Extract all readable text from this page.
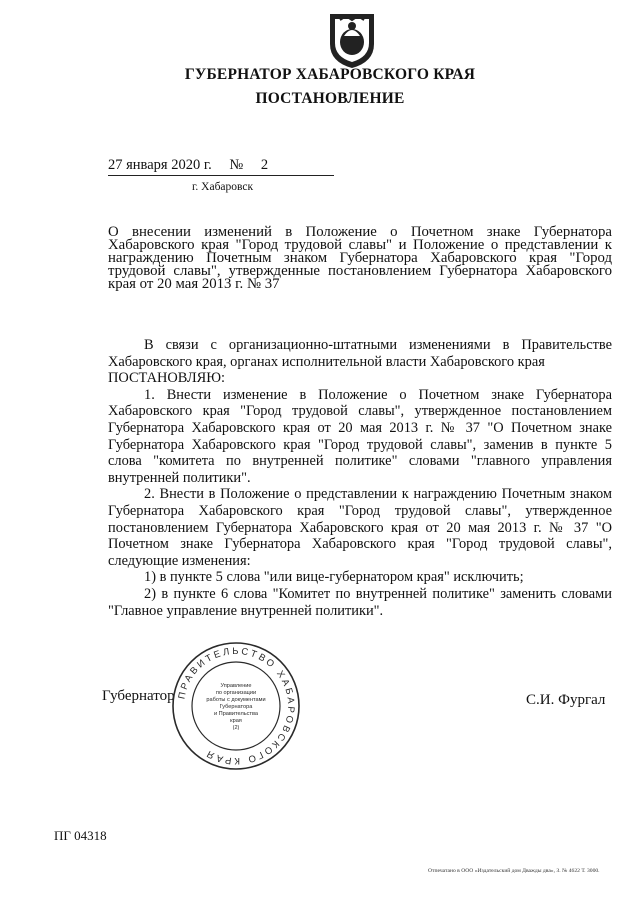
ГУБЕРНАТОР ХАБАРОВСКОГО КРАЯ
ПОСТАНОВЛЕНИЕ
27 января 2020 г. № 2
г. Хабаровск
О внесении изменений в Положение о Почетном знаке Губернатора Хабаровского края "Город трудовой славы" и Положение о представлении к награждению Почетным знаком Губернатора Хабаровского края "Город трудовой славы", утвержденные постановлением Губернатора Хабаровского края от 20 мая 2013 г. № 37

В связи с организационно-штатными изменениями в Правительстве Хабаровского края, органах исполнительной власти Хабаровского края

ПОСТАНОВЛЯЮ:

1. Внести изменение в Положение о Почетном знаке Губернатора Хабаровского края "Город трудовой славы", утвержденное постановлением Губернатора Хабаровского края от 20 мая 2013 г. № 37 "О Почетном знаке Губернатора Хабаровского края "Город трудовой славы", заменив в пункте 5 слова "комитета по внутренней политике" словами "главного управления внутренней политики".

2. Внести в Положение о представлении к награждению Почетным знаком Губернатора Хабаровского края "Город трудовой славы", утвержденное постановлением Губернатора Хабаровского края от 20 мая 2013 г. № 37 "О Почетном знаке Губернатора Хабаровского края "Город трудовой славы", следующие изменения:

1) в пункте 5 слова "или вице-губернатором края" исключить;

2) в пункте 6 слова "Комитет по внутренней политике" заменить словами "Главное управление внутренней политики".

Губернатор ПРАВИТЕЛЬСТВО ХАБАРОВСКОГО КРАЯ
Управление
по организации
работы с документами
Губернатора
и Правительства
края
(2)
С.И. Фургал
ПГ 04318
Отпечатано в ООО «Издательский дом Дважды два», З. № 4622 Т. 3000.
